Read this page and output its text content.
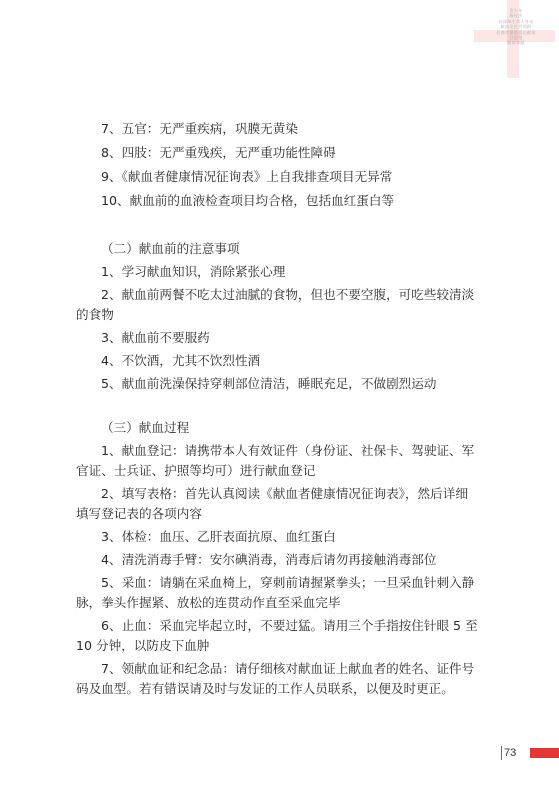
青少年
维权法
以保障生命人身未
献血全民共同的
长春市暑假爱心献血
日志鉴
献血奉献

7、五官：无严重疾病，巩膜无黄染

8、四肢：无严重残疾，无严重功能性障碍

9、《献血者健康情况征询表》上自我排查项目无异常

10、献血前的血液检查项目均合格，包括血红蛋白等

（二）献血前的注意事项

1、学习献血知识，消除紧张心理

2、献血前两餐不吃太过油腻的食物，但也不要空腹，可吃些较清淡的食物

3、献血前不要服药

4、不饮酒，尤其不饮烈性酒

5、献血前洗澡保持穿刺部位清洁，睡眠充足，不做剧烈运动

（三）献血过程

1、献血登记：请携带本人有效证件（身份证、社保卡、驾驶证、军官证、士兵证、护照等均可）进行献血登记

2、填写表格：首先认真阅读《献血者健康情况征询表》，然后详细填写登记表的各项内容

3、体检：血压、乙肝表面抗原、血红蛋白

4、清洗消毒手臂：安尔碘消毒，消毒后请勿再接触消毒部位

5、采血：请躺在采血椅上，穿刺前请握紧拳头；一旦采血针刺入静脉，拳头作握紧、放松的连贯动作直至采血完毕

6、止血：采血完毕起立时，不要过猛。请用三个手指按住针眼 5 至 10 分钟，以防皮下血肿

7、领献血证和纪念品：请仔细核对献血证上献血者的姓名、证件号码及血型。若有错误请及时与发证的工作人员联系，以便及时更正。

73
